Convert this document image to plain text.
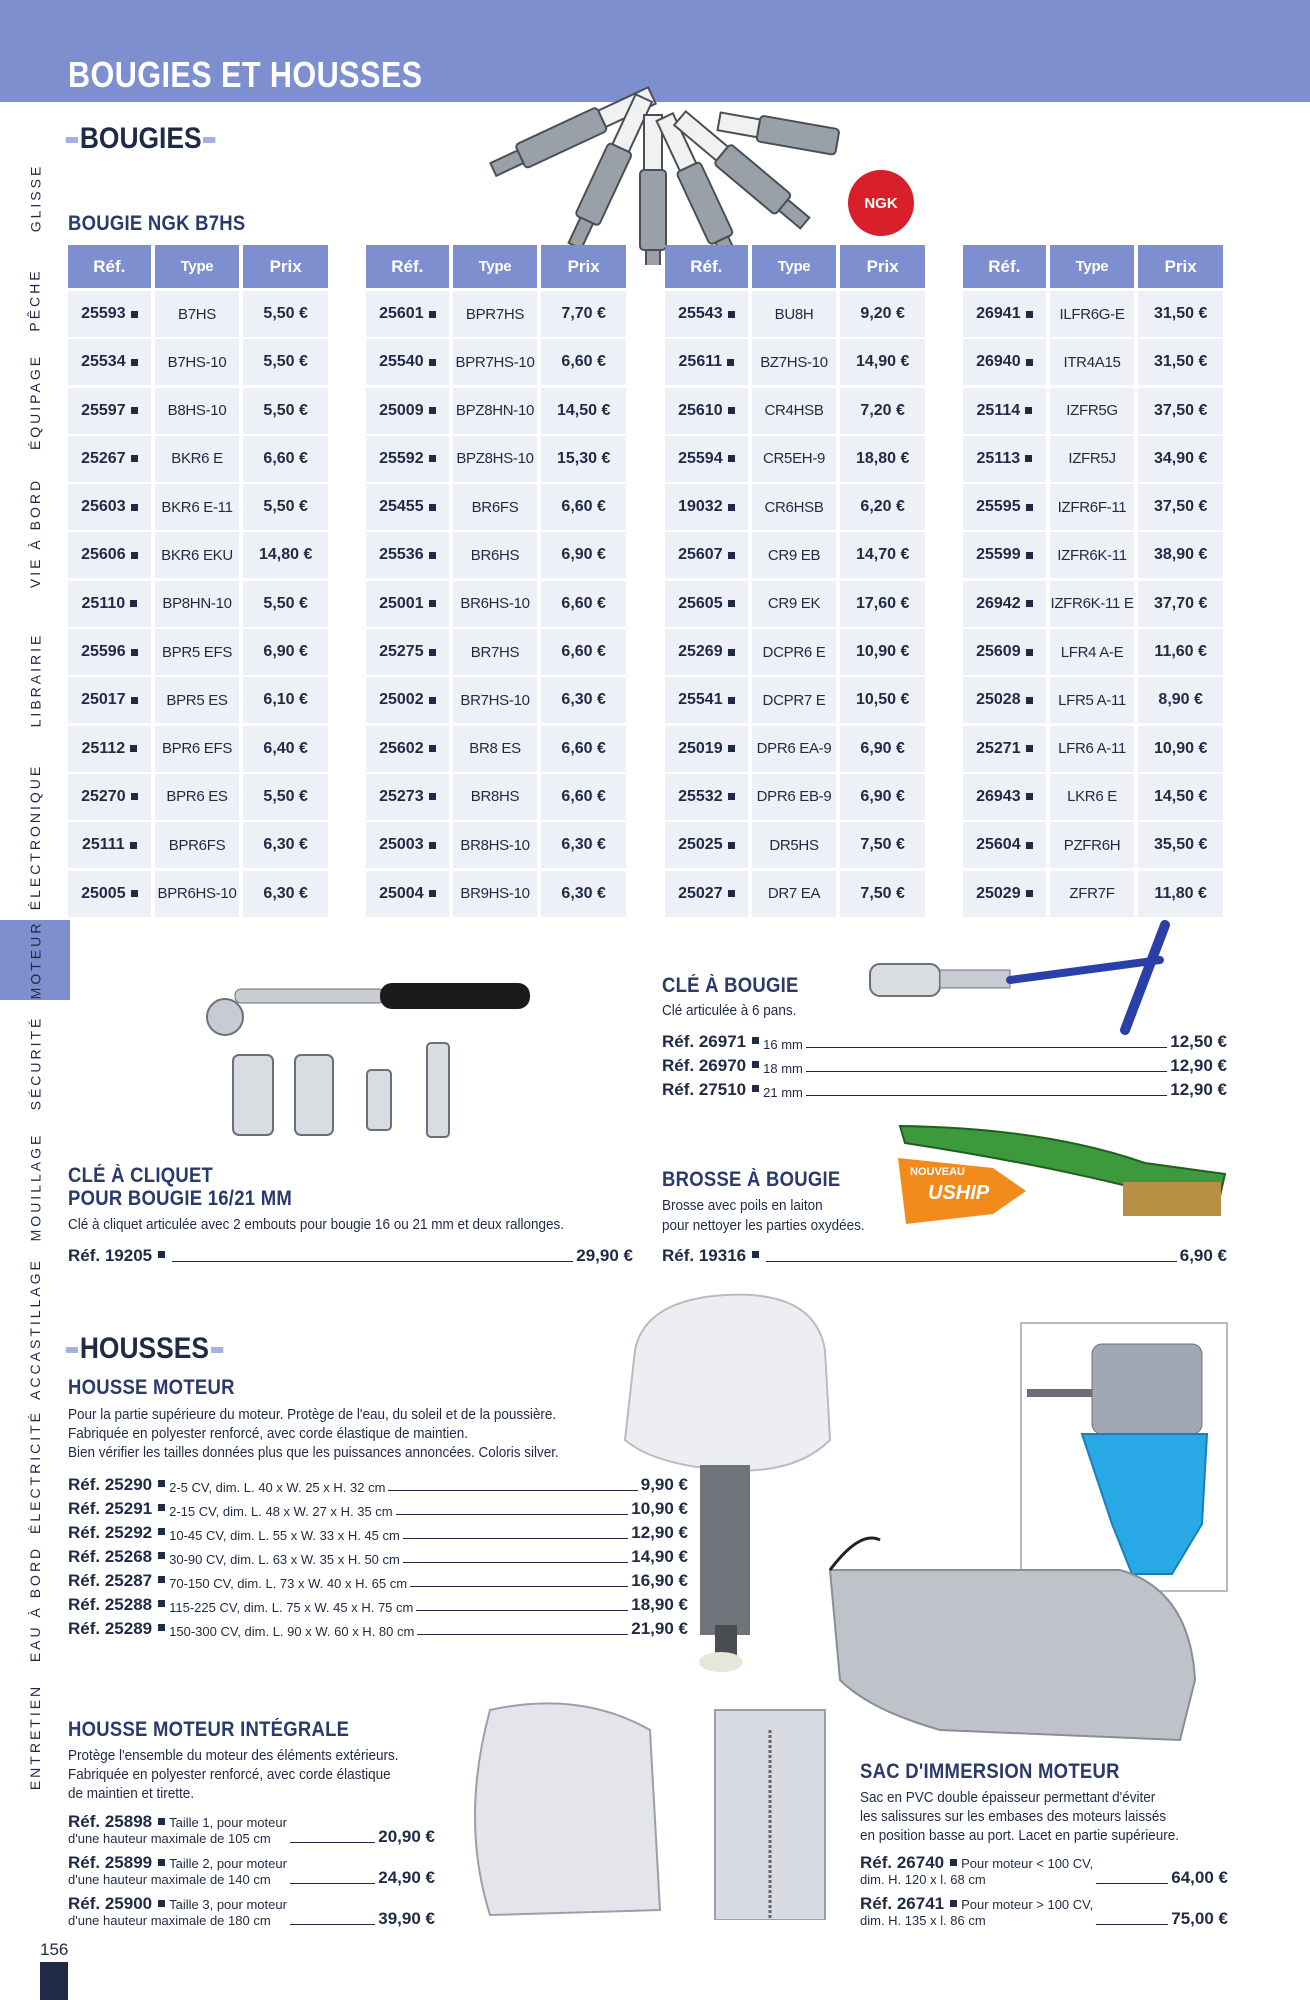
BOUGIES ET HOUSSES
GLISSE
PÊCHE
ÉQUIPAGE
VIE À BORD
LIBRAIRIE
ÉLECTRONIQUE
MOTEUR
SÉCURITÉ
MOUILLAGE
ACCASTILLAGE
ÉLECTRICITÉ
EAU À BORD
ENTRETIEN
BOUGIES
NGK
BOUGIE NGK B7HS
Réf.	Type	Prix
25593	B7HS	5,50 €
25534	B7HS-10	5,50 €
25597	B8HS-10	5,50 €
25267	BKR6 E	6,60 €
25603	BKR6 E-11	5,50 €
25606	BKR6 EKU	14,80 €
25110	BP8HN-10	5,50 €
25596	BPR5 EFS	6,90 €
25017	BPR5 ES	6,10 €
25112	BPR6 EFS	6,40 €
25270	BPR6 ES	5,50 €
25111	BPR6FS	6,30 €
25005	BPR6HS-10	6,30 €
Réf.	Type	Prix
25601	BPR7HS	7,70 €
25540	BPR7HS-10	6,60 €
25009	BPZ8HN-10	14,50 €
25592	BPZ8HS-10	15,30 €
25455	BR6FS	6,60 €
25536	BR6HS	6,90 €
25001	BR6HS-10	6,60 €
25275	BR7HS	6,60 €
25002	BR7HS-10	6,30 €
25602	BR8 ES	6,60 €
25273	BR8HS	6,60 €
25003	BR8HS-10	6,30 €
25004	BR9HS-10	6,30 €
Réf.	Type	Prix
25543	BU8H	9,20 €
25611	BZ7HS-10	14,90 €
25610	CR4HSB	7,20 €
25594	CR5EH-9	18,80 €
19032	CR6HSB	6,20 €
25607	CR9 EB	14,70 €
25605	CR9 EK	17,60 €
25269	DCPR6 E	10,90 €
25541	DCPR7 E	10,50 €
25019	DPR6 EA-9	6,90 €
25532	DPR6 EB-9	6,90 €
25025	DR5HS	7,50 €
25027	DR7 EA	7,50 €
Réf.	Type	Prix
26941	ILFR6G-E	31,50 €
26940	ITR4A15	31,50 €
25114	IZFR5G	37,50 €
25113	IZFR5J	34,90 €
25595	IZFR6F-11	37,50 €
25599	IZFR6K-11	38,90 €
26942	IZFR6K-11 E	37,70 €
25609	LFR4 A-E	11,60 €
25028	LFR5 A-11	8,90 €
25271	LFR6 A-11	10,90 €
26943	LKR6 E	14,50 €
25604	PZFR6H	35,50 €
25029	ZFR7F	11,80 €
CLÉ À CLIQUET
POUR BOUGIE 16/21 MM
Clé à cliquet articulée avec 2 embouts pour bougie 16 ou 21 mm et deux rallonges.
Réf. 19205	29,90 €
CLÉ À BOUGIE
Clé articulée à 6 pans.
Réf. 26971	16 mm	12,50 €
Réf. 26970	18 mm	12,90 €
Réf. 27510	21 mm	12,90 €
NOUVEAU
USHIP
BROSSE À BOUGIE
Brosse avec poils en laiton
pour nettoyer les parties oxydées.
Réf. 19316	6,90 €
HOUSSES
HOUSSE MOTEUR
Pour la partie supérieure du moteur. Protège de l'eau, du soleil et de la poussière.
Fabriquée en polyester renforcé, avec corde élastique de maintien.
Bien vérifier les tailles données plus que les puissances annoncées. Coloris silver.
Réf. 25290	2-5 CV, dim. L. 40 x W. 25 x H. 32 cm	9,90 €
Réf. 25291	2-15 CV, dim. L. 48 x W. 27 x H. 35 cm	10,90 €
Réf. 25292	10-45 CV, dim. L. 55 x W. 33 x H. 45 cm	12,90 €
Réf. 25268	30-90 CV, dim. L. 63 x W. 35 x H. 50 cm	14,90 €
Réf. 25287	70-150 CV, dim. L. 73 x W. 40 x H. 65 cm	16,90 €
Réf. 25288	115-225 CV, dim. L. 75 x W. 45 x H. 75 cm	18,90 €
Réf. 25289	150-300 CV, dim. L. 90 x W. 60 x H. 80 cm	21,90 €
HOUSSE MOTEUR INTÉGRALE
Protège l'ensemble du moteur des éléments extérieurs.
Fabriquée en polyester renforcé, avec corde élastique
de maintien et tirette.
Réf. 25898 Taille 1, pour moteur
d'une hauteur maximale de 105 cm	20,90 €
Réf. 25899 Taille 2, pour moteur
d'une hauteur maximale de 140 cm	24,90 €
Réf. 25900 Taille 3, pour moteur
d'une hauteur maximale de 180 cm	39,90 €
SAC D'IMMERSION MOTEUR
Sac en PVC double épaisseur permettant d'éviter
les salissures sur les embases des moteurs laissés
en position basse au port. Lacet en partie supérieure.
Réf. 26740 Pour moteur < 100 CV,
dim. H. 120 x l. 68 cm	64,00 €
Réf. 26741 Pour moteur > 100 CV,
dim. H. 135 x l. 86 cm	75,00 €
156
